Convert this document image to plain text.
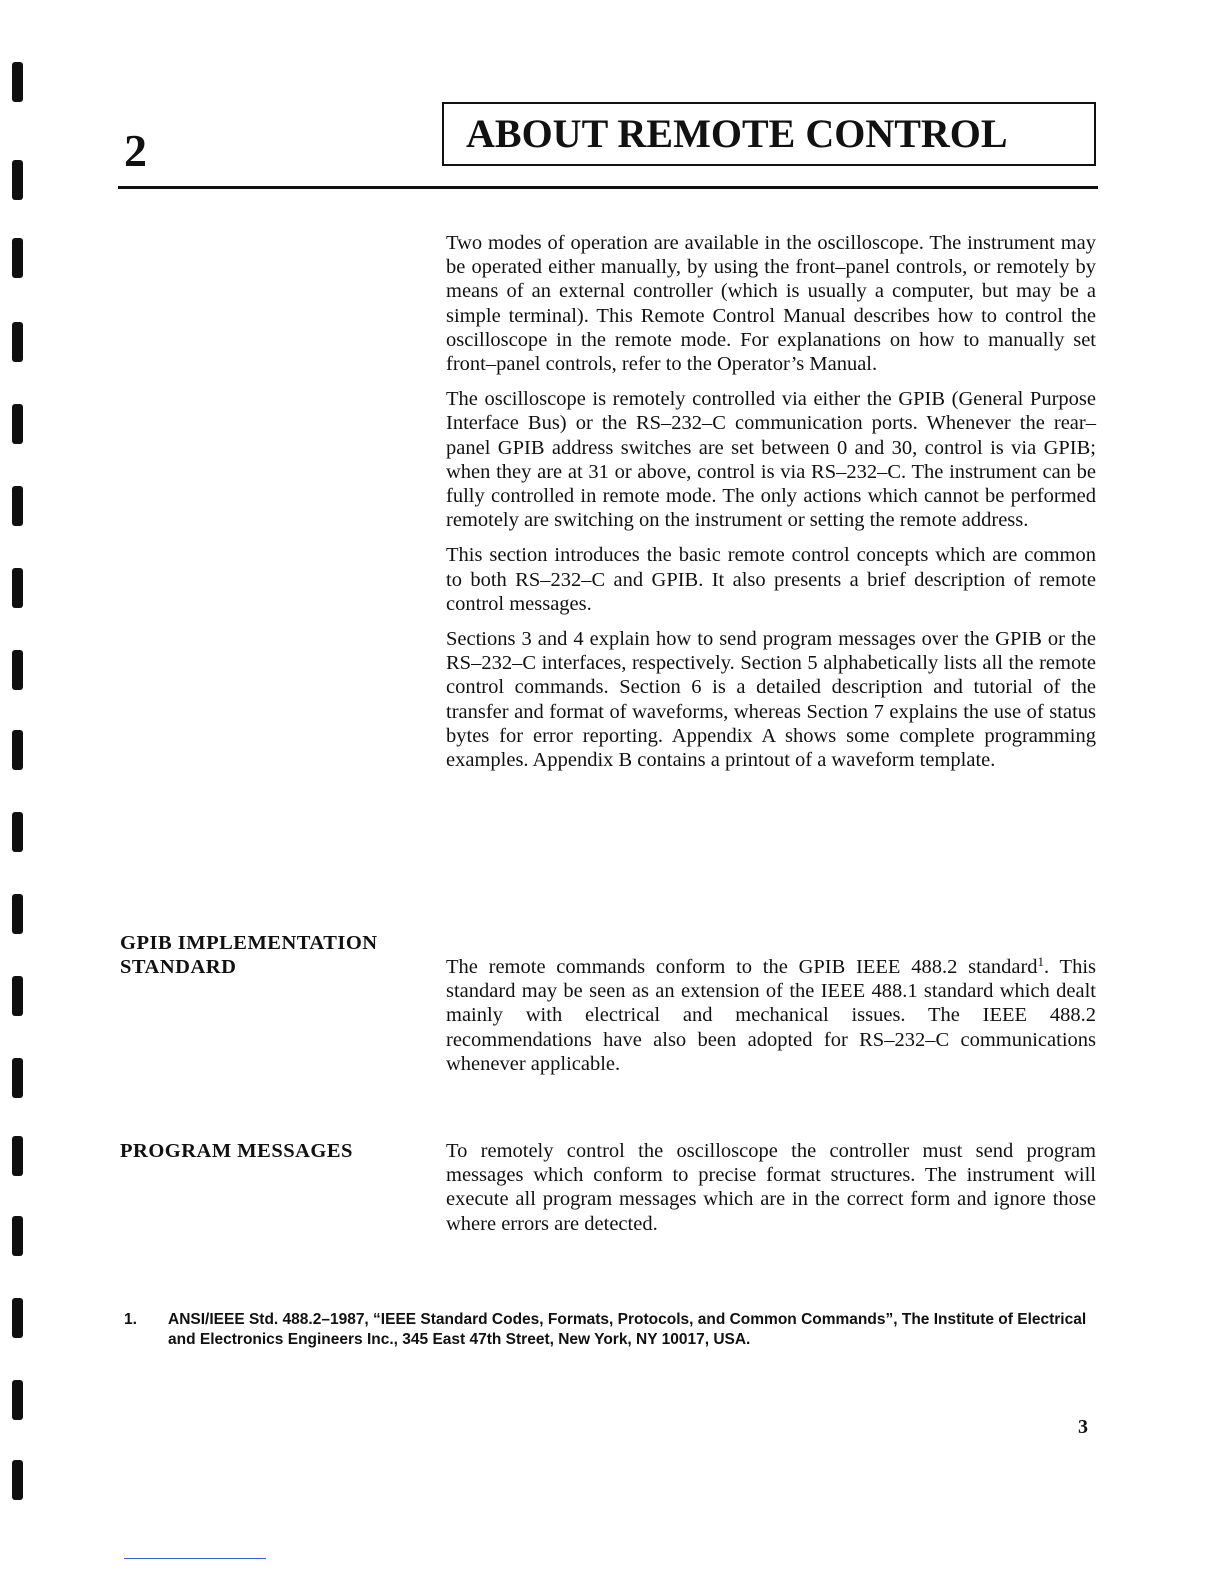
2	ABOUT REMOTE CONTROL

Two modes of operation are available in the oscilloscope. The instrument may be operated either manually, by using the front–panel controls, or remotely by means of an external controller (which is usually a computer, but may be a simple terminal). This Remote Control Manual describes how to control the oscilloscope in the remote mode. For explanations on how to manually set front–panel controls, refer to the Operator’s Manual.

The oscilloscope is remotely controlled via either the GPIB (General Purpose Interface Bus) or the RS–232–C communication ports. Whenever the rear–panel GPIB address switches are set between 0 and 30, control is via GPIB; when they are at 31 or above, control is via RS–232–C. The instrument can be fully controlled in remote mode. The only actions which cannot be performed remotely are switching on the instrument or setting the remote address.

This section introduces the basic remote control concepts which are common to both RS–232–C and GPIB. It also presents a brief description of remote control messages.

Sections 3 and 4 explain how to send program messages over the GPIB or the RS–232–C interfaces, respectively. Section 5 alphabetically lists all the remote control commands. Section 6 is a detailed description and tutorial of the transfer and format of waveforms, whereas Section 7 explains the use of status bytes for error reporting. Appendix A shows some complete programming examples. Appendix B contains a printout of a waveform template.

GPIB IMPLEMENTATION
STANDARD	The remote commands conform to the GPIB IEEE 488.2 standard$^1$. This standard may be seen as an extension of the IEEE 488.1 standard which dealt mainly with electrical and mechanical issues. The IEEE 488.2 recommendations have also been adopted for RS–232–C communications whenever applicable.

PROGRAM MESSAGES	To remotely control the oscilloscope the controller must send program messages which conform to precise format structures. The instrument will execute all program messages which are in the correct form and ignore those where errors are detected.

1. ANSI/IEEE Std. 488.2–1987, “IEEE Standard Codes, Formats, Protocols, and Common Commands”, The Institute of Electrical and Electronics Engineers Inc., 345 East 47th Street, New York, NY 10017, USA.
3
